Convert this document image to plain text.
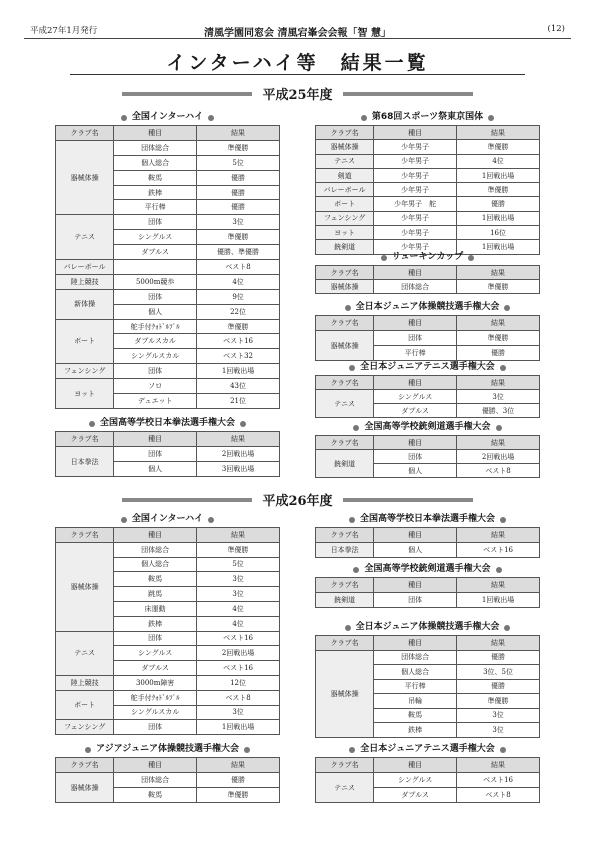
平成27年1月発行	清風学園同窓会 清風宕峯会会報「智 慧」	(12)
インターハイ等　結果一覧
平成25年度
平成26年度
全国インターハイ
クラブ名	種目	結果
器械体操	団体総合	準優勝
	個人総合	5位
	鞍馬	優勝
	鉄棒	優勝
	平行棒	優勝
テニス	団体	3位
	シングルス	準優勝
	ダブルス	優勝、準優勝
バレーボール		ベスト8
陸上競技	5000m競歩	4位
新体操	団体	9位
	個人	22位
ボート	舵手付ｸｫﾄﾞﾙﾌﾟﾙ	準優勝
	ダブルスカル	ベスト16
	シングルスカル	ベスト32
フェンシング	団体	1回戦出場
ヨット	ソロ	43位
	デュエット	21位
全国高等学校日本拳法選手権大会
クラブ名	種目	結果
日本拳法	団体	2回戦出場
	個人	3回戦出場
第68回スポーツ祭東京国体
クラブ名	種目	結果
器械体操	少年男子	準優勝
テニス	少年男子	4位
剣道	少年男子	1回戦出場
バレーボール	少年男子	準優勝
ボート	少年男子　舵	優勝
フェンシング	少年男子	1回戦出場
ヨット	少年男子	16位
銃剣道	少年男子	1回戦出場
リューキンカップ
クラブ名	種目	結果
器械体操	団体総合	準優勝
全日本ジュニア体操競技選手権大会
クラブ名	種目	結果
器械体操	団体	準優勝
	平行棒	優勝
全日本ジュニアテニス選手権大会
クラブ名	種目	結果
テニス	シングルス	3位
	ダブルス	優勝、3位
全国高等学校銃剣道選手権大会
クラブ名	種目	結果
銃剣道	団体	2回戦出場
	個人	ベスト8
全国インターハイ
クラブ名	種目	結果
器械体操	団体総合	準優勝
	個人総合	5位
	鞍馬	3位
	跳馬	3位
	床運動	4位
	鉄棒	4位
テニス	団体	ベスト16
	シングルス	2回戦出場
	ダブルス	ベスト16
陸上競技	3000m障害	12位
ボート	舵手付ｸｫﾄﾞﾙﾌﾟﾙ	ベスト8
	シングルスカル	3位
フェンシング	団体	1回戦出場
アジアジュニア体操競技選手権大会
クラブ名	種目	結果
器械体操	団体総合	優勝
	鞍馬	準優勝
全国高等学校日本拳法選手権大会
クラブ名	種目	結果
日本拳法	個人	ベスト16
全国高等学校銃剣道選手権大会
クラブ名	種目	結果
銃剣道	団体	1回戦出場
全日本ジュニア体操競技選手権大会
クラブ名	種目	結果
器械体操	団体総合	優勝
	個人総合	3位、5位
	平行棒	優勝
	吊輪	準優勝
	鞍馬	3位
	鉄棒	3位
全日本ジュニアテニス選手権大会
クラブ名	種目	結果
テニス	シングルス	ベスト16
	ダブルス	ベスト8
